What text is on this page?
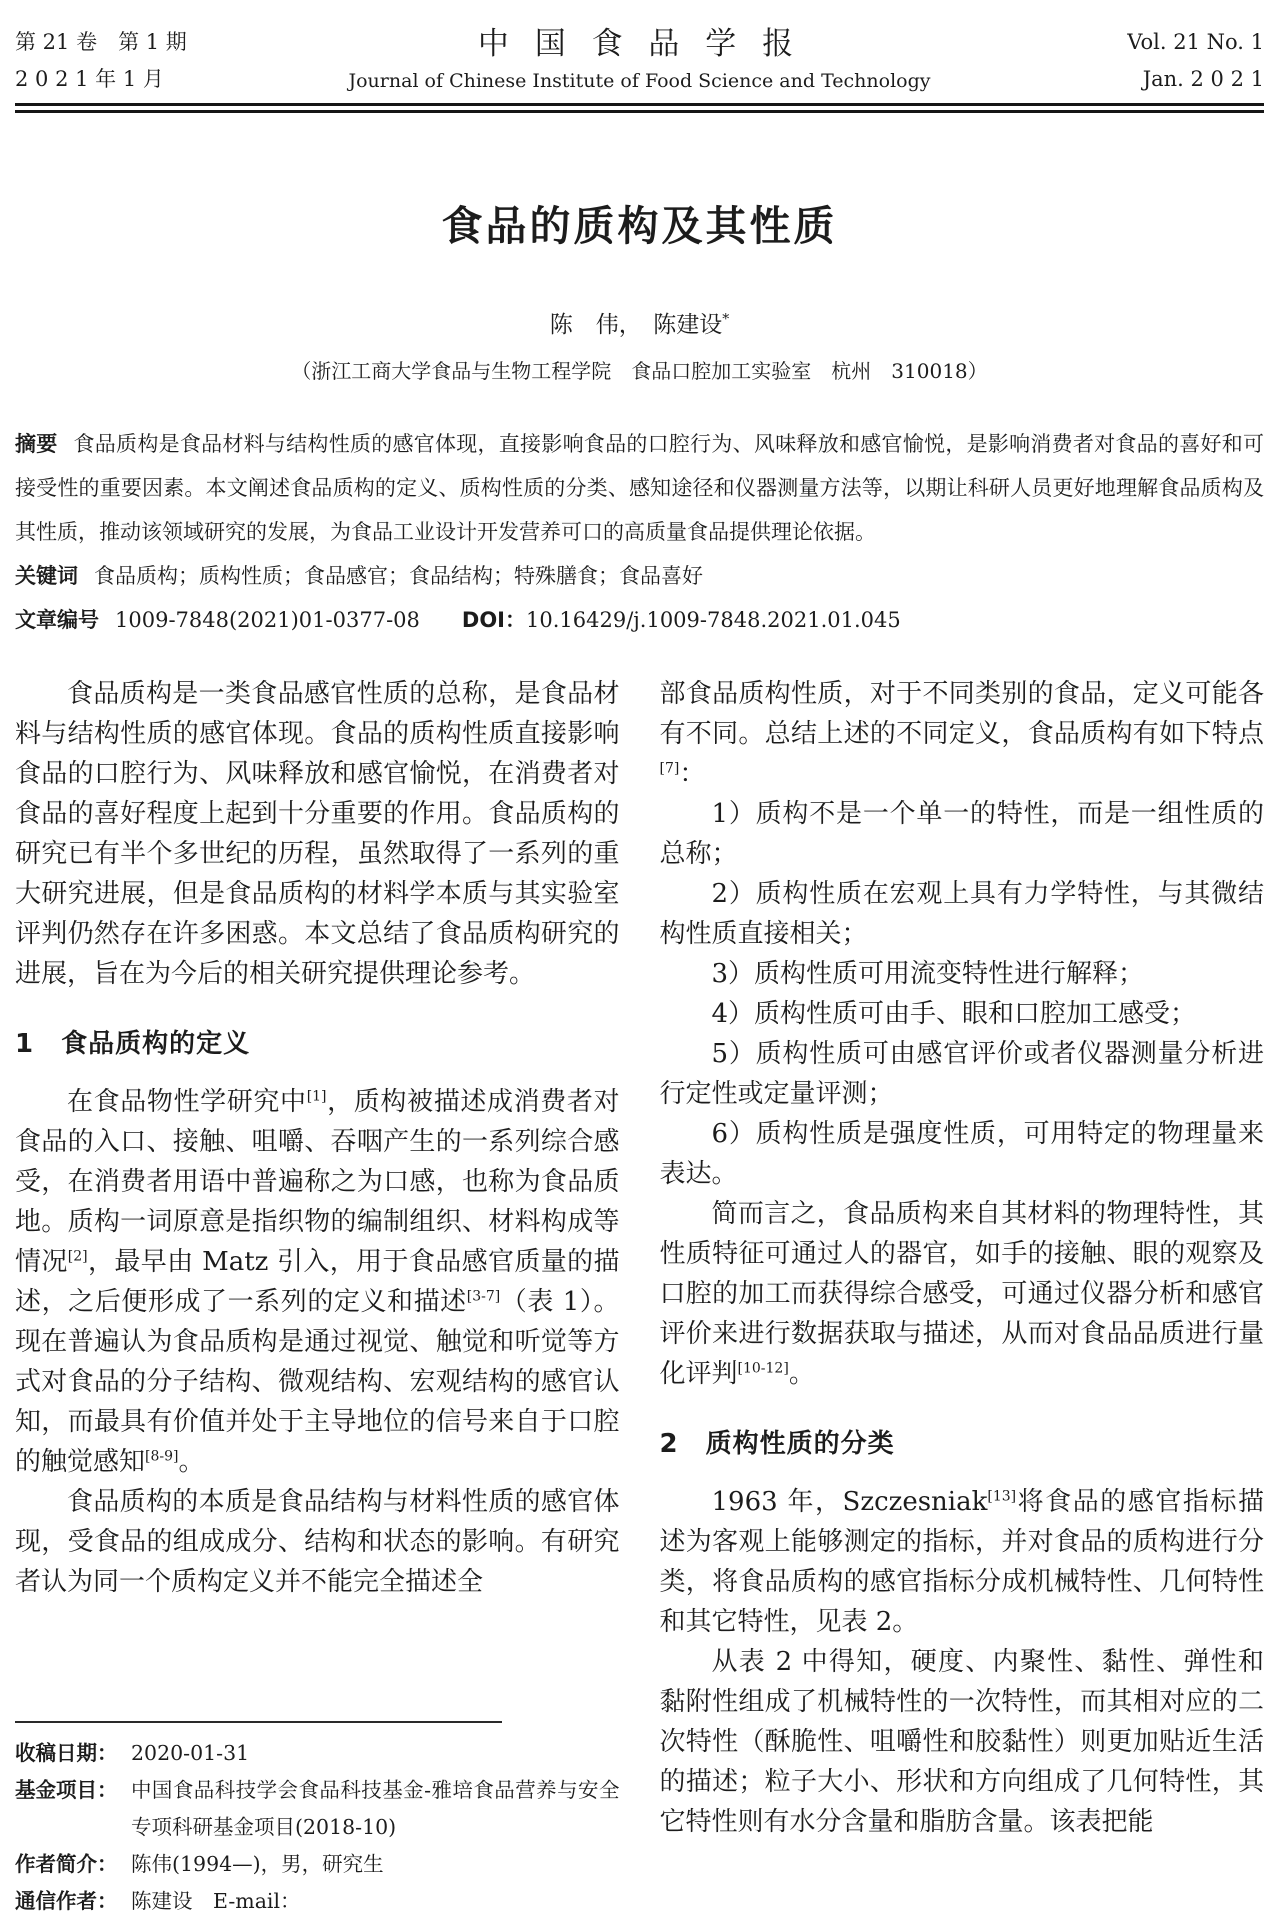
第 21 卷　第 1 期
2 0 2 1 年 1 月
中 国 食 品 学 报
Journal of Chinese Institute of Food Science and Technology
Vol. 21 No. 1
Jan. 2 0 2 1
食品的质构及其性质
陈　伟，　陈建设*
（浙江工商大学食品与生物工程学院　食品口腔加工实验室　杭州　310018）
摘要 食品质构是食品材料与结构性质的感官体现，直接影响食品的口腔行为、风味释放和感官愉悦，是影响消费者对食品的喜好和可接受性的重要因素。本文阐述食品质构的定义、质构性质的分类、感知途径和仪器测量方法等，以期让科研人员更好地理解食品质构及其性质，推动该领域研究的发展，为食品工业设计开发营养可口的高质量食品提供理论依据。
关键词 食品质构；质构性质；食品感官；食品结构；特殊膳食；食品喜好
文章编号 1009-7848(2021)01-0377-08 DOI：10.16429/j.1009-7848.2021.01.045

食品质构是一类食品感官性质的总称，是食品材料与结构性质的感官体现。食品的质构性质直接影响食品的口腔行为、风味释放和感官愉悦，在消费者对食品的喜好程度上起到十分重要的作用。食品质构的研究已有半个多世纪的历程，虽然取得了一系列的重大研究进展，但是食品质构的材料学本质与其实验室评判仍然存在许多困惑。本文总结了食品质构研究的进展，旨在为今后的相关研究提供理论参考。

1　食品质构的定义

在食品物性学研究中[1]，质构被描述成消费者对食品的入口、接触、咀嚼、吞咽产生的一系列综合感受，在消费者用语中普遍称之为口感，也称为食品质地。质构一词原意是指织物的编制组织、材料构成等情况[2]，最早由 Matz 引入，用于食品感官质量的描述，之后便形成了一系列的定义和描述[3-7]（表 1）。现在普遍认为食品质构是通过视觉、触觉和听觉等方式对食品的分子结构、微观结构、宏观结构的感官认知，而最具有价值并处于主导地位的信号来自于口腔的触觉感知[8-9]。

食品质构的本质是食品结构与材料性质的感官体现，受食品的组成成分、结构和状态的影响。有研究者认为同一个质构定义并不能完全描述全

收稿日期： 2020-01-31
基金项目： 中国食品科技学会食品科技基金-雅培食品营养与安全专项科研基金项目(2018-10)
作者简介： 陈伟(1994—)，男，研究生
通信作者： 陈建设　E-mail：

部食品质构性质，对于不同类别的食品，定义可能各有不同。总结上述的不同定义，食品质构有如下特点[7]：

1）质构不是一个单一的特性，而是一组性质的总称；

2）质构性质在宏观上具有力学特性，与其微结构性质直接相关；

3）质构性质可用流变特性进行解释；

4）质构性质可由手、眼和口腔加工感受；

5）质构性质可由感官评价或者仪器测量分析进行定性或定量评测；

6）质构性质是强度性质，可用特定的物理量来表达。

简而言之，食品质构来自其材料的物理特性，其性质特征可通过人的器官，如手的接触、眼的观察及口腔的加工而获得综合感受，可通过仪器分析和感官评价来进行数据获取与描述，从而对食品品质进行量化评判[10-12]。

2　质构性质的分类

1963 年，Szczesniak[13]将食品的感官指标描述为客观上能够测定的指标，并对食品的质构进行分类，将食品质构的感官指标分成机械特性、几何特性和其它特性，见表 2。

从表 2 中得知，硬度、内聚性、黏性、弹性和黏附性组成了机械特性的一次特性，而其相对应的二次特性（酥脆性、咀嚼性和胶黏性）则更加贴近生活的描述；粒子大小、形状和方向组成了几何特性，其它特性则有水分含量和脂肪含量。该表把能
